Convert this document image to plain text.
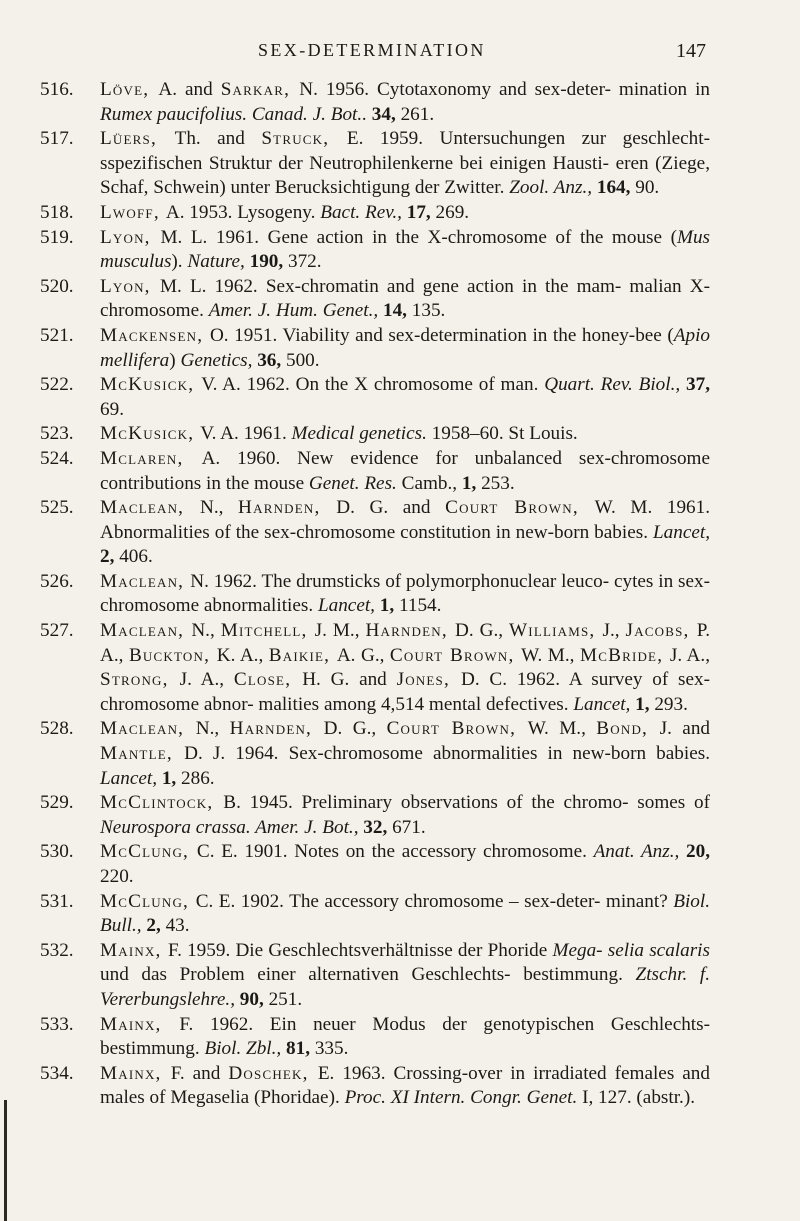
SEX-DETERMINATION	147
516. Löve, A. and Sarkar, N. 1956. Cytotaxonomy and sex-deter- mination in Rumex paucifolius. Canad. J. Bot.. 34, 261.
517. Lüers, Th. and Struck, E. 1959. Untersuchungen zur geschlecht- sspezifischen Struktur der Neutrophilenkerne bei einigen Hausti- eren (Ziege, Schaf, Schwein) unter Berucksichtigung der Zwitter. Zool. Anz., 164, 90.
518. Lwoff, A. 1953. Lysogeny. Bact. Rev., 17, 269.
519. Lyon, M. L. 1961. Gene action in the X-chromosome of the mouse (Mus musculus). Nature, 190, 372.
520. Lyon, M. L. 1962. Sex-chromatin and gene action in the mam- malian X-chromosome. Amer. J. Hum. Genet., 14, 135.
521. Mackensen, O. 1951. Viability and sex-determination in the honey-bee (Apio mellifera) Genetics, 36, 500.
522. McKusick, V. A. 1962. On the X chromosome of man. Quart. Rev. Biol., 37, 69.
523. McKusick, V. A. 1961. Medical genetics. 1958–60. St Louis.
524. Mclaren, A. 1960. New evidence for unbalanced sex-chromosome contributions in the mouse Genet. Res. Camb., 1, 253.
525. Maclean, N., Harnden, D. G. and Court Brown, W. M. 1961. Abnormalities of the sex-chromosome constitution in new-born babies. Lancet, 2, 406.
526. Maclean, N. 1962. The drumsticks of polymorphonuclear leuco- cytes in sex-chromosome abnormalities. Lancet, 1, 1154.
527. Maclean, N., Mitchell, J. M., Harnden, D. G., Williams, J., Jacobs, P. A., Buckton, K. A., Baikie, A. G., Court Brown, W. M., McBride, J. A., Strong, J. A., Close, H. G. and Jones, D. C. 1962. A survey of sex-chromosome abnor- malities among 4,514 mental defectives. Lancet, 1, 293.
528. Maclean, N., Harnden, D. G., Court Brown, W. M., Bond, J. and Mantle, D. J. 1964. Sex-chromosome abnormalities in new-born babies. Lancet, 1, 286.
529. McClintock, B. 1945. Preliminary observations of the chromo- somes of Neurospora crassa. Amer. J. Bot., 32, 671.
530. McClung, C. E. 1901. Notes on the accessory chromosome. Anat. Anz., 20, 220.
531. McClung, C. E. 1902. The accessory chromosome – sex-deter- minant? Biol. Bull., 2, 43.
532. Mainx, F. 1959. Die Geschlechtsverhältnisse der Phoride Mega- selia scalaris und das Problem einer alternativen Geschlechts- bestimmung. Ztschr. f. Vererbungslehre., 90, 251.
533. Mainx, F. 1962. Ein neuer Modus der genotypischen Geschlechts- bestimmung. Biol. Zbl., 81, 335.
534. Mainx, F. and Doschek, E. 1963. Crossing-over in irradiated females and males of Megaselia (Phoridae). Proc. XI Intern. Congr. Genet. I, 127. (abstr.).
